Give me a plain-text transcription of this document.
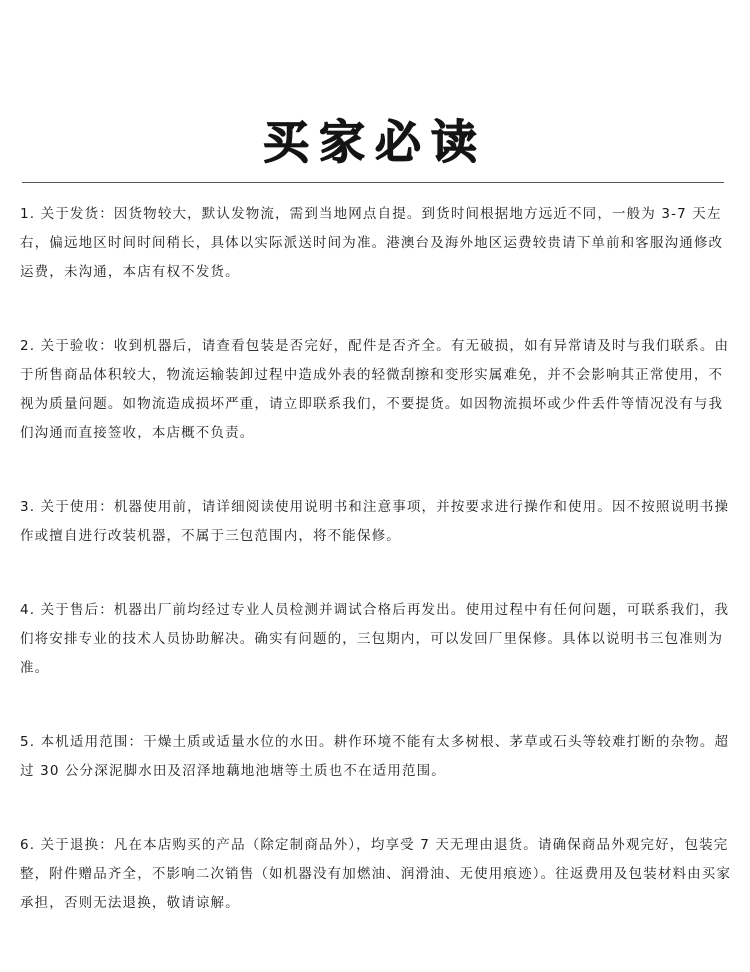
买家必读

1. 关于发货：因货物较大，默认发物流，需到当地网点自提。到货时间根据地方远近不同，一般为 3-7 天左右，偏远地区时间时间稍长，具体以实际派送时间为准。港澳台及海外地区运费较贵请下单前和客服沟通修改运费，未沟通，本店有权不发货。

2. 关于验收：收到机器后，请查看包装是否完好，配件是否齐全。有无破损，如有异常请及时与我们联系。由于所售商品体积较大，物流运输装卸过程中造成外表的轻微刮擦和变形实属难免，并不会影响其正常使用，不视为质量问题。如物流造成损坏严重，请立即联系我们，不要提货。如因物流损坏或少件丢件等情况没有与我们沟通而直接签收，本店概不负责。

3. 关于使用：机器使用前，请详细阅读使用说明书和注意事项，并按要求进行操作和使用。因不按照说明书操作或擅自进行改装机器，不属于三包范围内，将不能保修。

4. 关于售后：机器出厂前均经过专业人员检测并调试合格后再发出。使用过程中有任何问题，可联系我们，我们将安排专业的技术人员协助解决。确实有问题的，三包期内，可以发回厂里保修。具体以说明书三包准则为准。

5. 本机适用范围：干燥土质或适量水位的水田。耕作环境不能有太多树根、茅草或石头等较难打断的杂物。超过 30 公分深泥脚水田及沼泽地藕地池塘等土质也不在适用范围。

6. 关于退换：凡在本店购买的产品（除定制商品外），均享受 7 天无理由退货。请确保商品外观完好，包装完整，附件赠品齐全，不影响二次销售（如机器没有加燃油、润滑油、无使用痕迹）。往返费用及包装材料由买家承担，否则无法退换，敬请谅解。
